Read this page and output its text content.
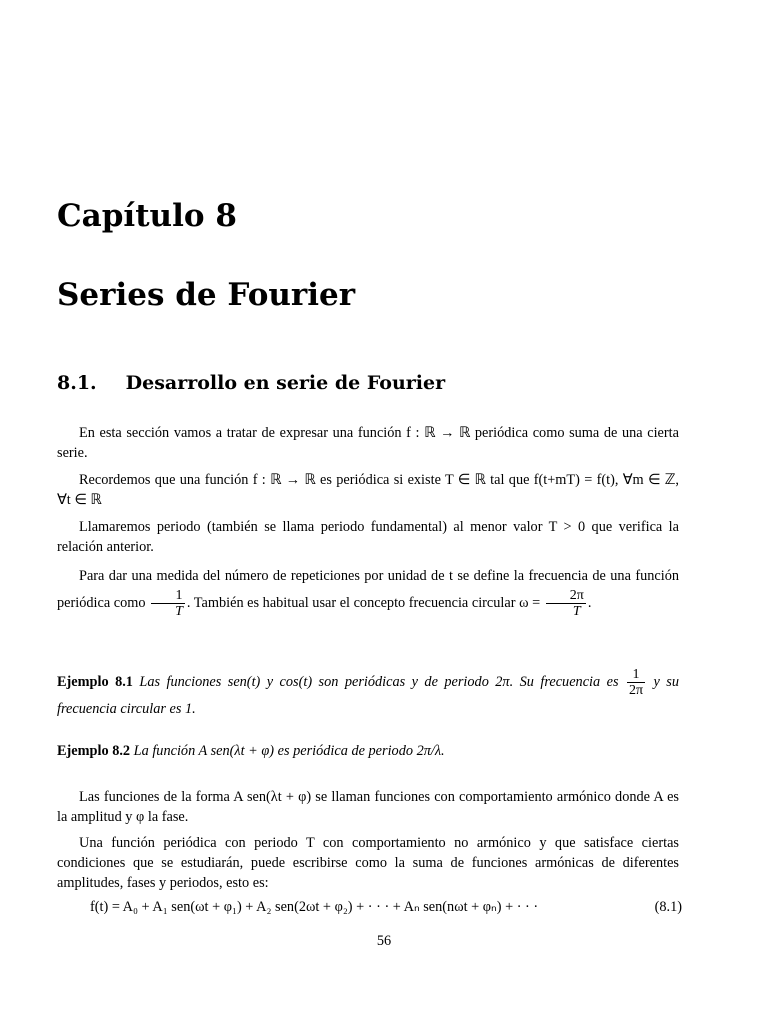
Capítulo 8
Series de Fourier
8.1. Desarrollo en serie de Fourier
En esta sección vamos a tratar de expresar una función f : ℝ → ℝ periódica como suma de una cierta serie.
Recordemos que una función f : ℝ → ℝ es periódica si existe T ∈ ℝ tal que f(t+mT) = f(t), ∀m ∈ ℤ, ∀t ∈ ℝ
Llamaremos periodo (también se llama periodo fundamental) al menor valor T > 0 que verifica la relación anterior.
Para dar una medida del número de repeticiones por unidad de t se define la frecuencia de una función periódica como $\frac{1}{T}$ . También es habitual usar el concepto frecuencia circular $\omega = \frac{2\pi}{T}$ .
Ejemplo 8.1 Las funciones sen(t) y cos(t) son periódicas y de periodo 2π. Su frecuencia es $\frac{1}{2\pi}$ y su frecuencia circular es 1.
Ejemplo 8.2 La función A sen(λt + φ) es periódica de periodo 2π/λ.
Las funciones de la forma A sen(λt + φ) se llaman funciones con comportamiento armónico donde A es la amplitud y φ la fase.
Una función periódica con periodo T con comportamiento no armónico y que satisface ciertas condiciones que se estudiarán, puede escribirse como la suma de funciones armónicas de diferentes amplitudes, fases y periodos, esto es:
f(t) = A₀ + A₁ sen(ωt + φ₁) + A₂ sen(2ωt + φ₂) + · · · + Aₙ sen(nωt + φₙ) + · · ·	(8.1)
56
